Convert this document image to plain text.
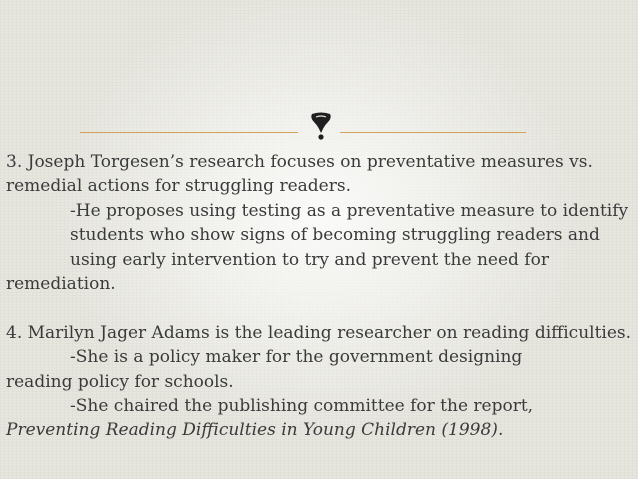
3. Joseph Torgesen’s research focuses on preventative measures vs.
remedial actions for struggling readers.
-He proposes using testing as a preventative measure to identify
students who show signs of becoming struggling readers and
using early intervention to try and prevent the need for
remediation.
4. Marilyn Jager Adams is the leading researcher on reading difficulties.
-She is a policy maker for the government designing
reading policy for schools.
-She chaired the publishing committee for the report,
Preventing Reading Difficulties in Young Children (1998).
